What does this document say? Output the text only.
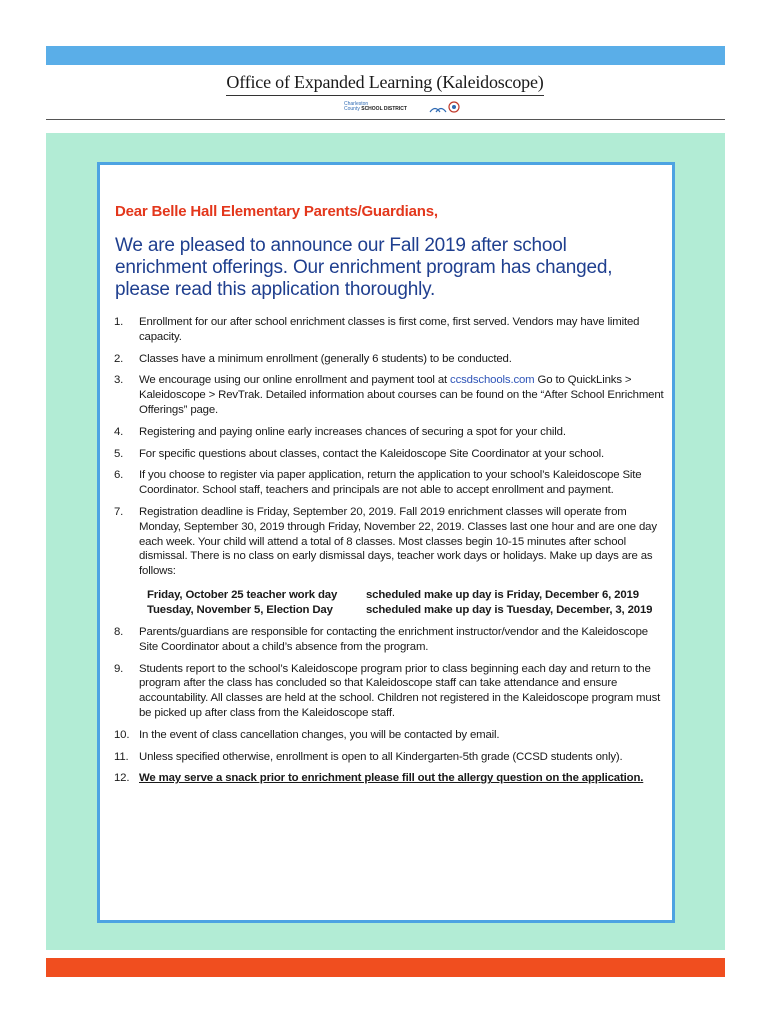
Office of Expanded Learning (Kaleidoscope)
Charleston
County SCHOOL DISTRICT
Dear Belle Hall Elementary Parents/Guardians,
We are pleased to announce our Fall 2019 after school enrichment offerings. Our enrichment program has changed, please read this application thoroughly.
1. Enrollment for our after school enrichment classes is first come, first served. Vendors may have limited capacity.
2. Classes have a minimum enrollment (generally 6 students) to be conducted.
3. We encourage using our online enrollment and payment tool at ccsdschools.com Go to QuickLinks > Kaleidoscope > RevTrak. Detailed information about courses can be found on the “After School Enrichment Offerings” page.
4. Registering and paying online early increases chances of securing a spot for your child.
5. For specific questions about classes, contact the Kaleidoscope Site Coordinator at your school.
6. If you choose to register via paper application, return the application to your school’s Kaleidoscope Site Coordinator. School staff, teachers and principals are not able to accept enrollment and payment.
7. Registration deadline is Friday, September 20, 2019. Fall 2019 enrichment classes will operate from Monday, September 30, 2019 through Friday, November 22, 2019. Classes last one hour and are one day each week. Your child will attend a total of 8 classes. Most classes begin 10-15 minutes after school dismissal. There is no class on early dismissal days, teacher work days or holidays. Make up days are as follows:
Friday, October 25 teacher work day	scheduled make up day is Friday, December 6, 2019
Tuesday, November 5, Election Day	scheduled make up day is Tuesday, December, 3, 2019
8. Parents/guardians are responsible for contacting the enrichment instructor/vendor and the Kaleidoscope Site Coordinator about a child’s absence from the program.
9. Students report to the school’s Kaleidoscope program prior to class beginning each day and return to the program after the class has concluded so that Kaleidoscope staff can take attendance and ensure accountability. All classes are held at the school. Children not registered in the Kaleidoscope program must be picked up after class from the Kaleidoscope staff.
10. In the event of class cancellation changes, you will be contacted by email.
11. Unless specified otherwise, enrollment is open to all Kindergarten-5th grade (CCSD students only).
12. We may serve a snack prior to enrichment please fill out the allergy question on the application.
